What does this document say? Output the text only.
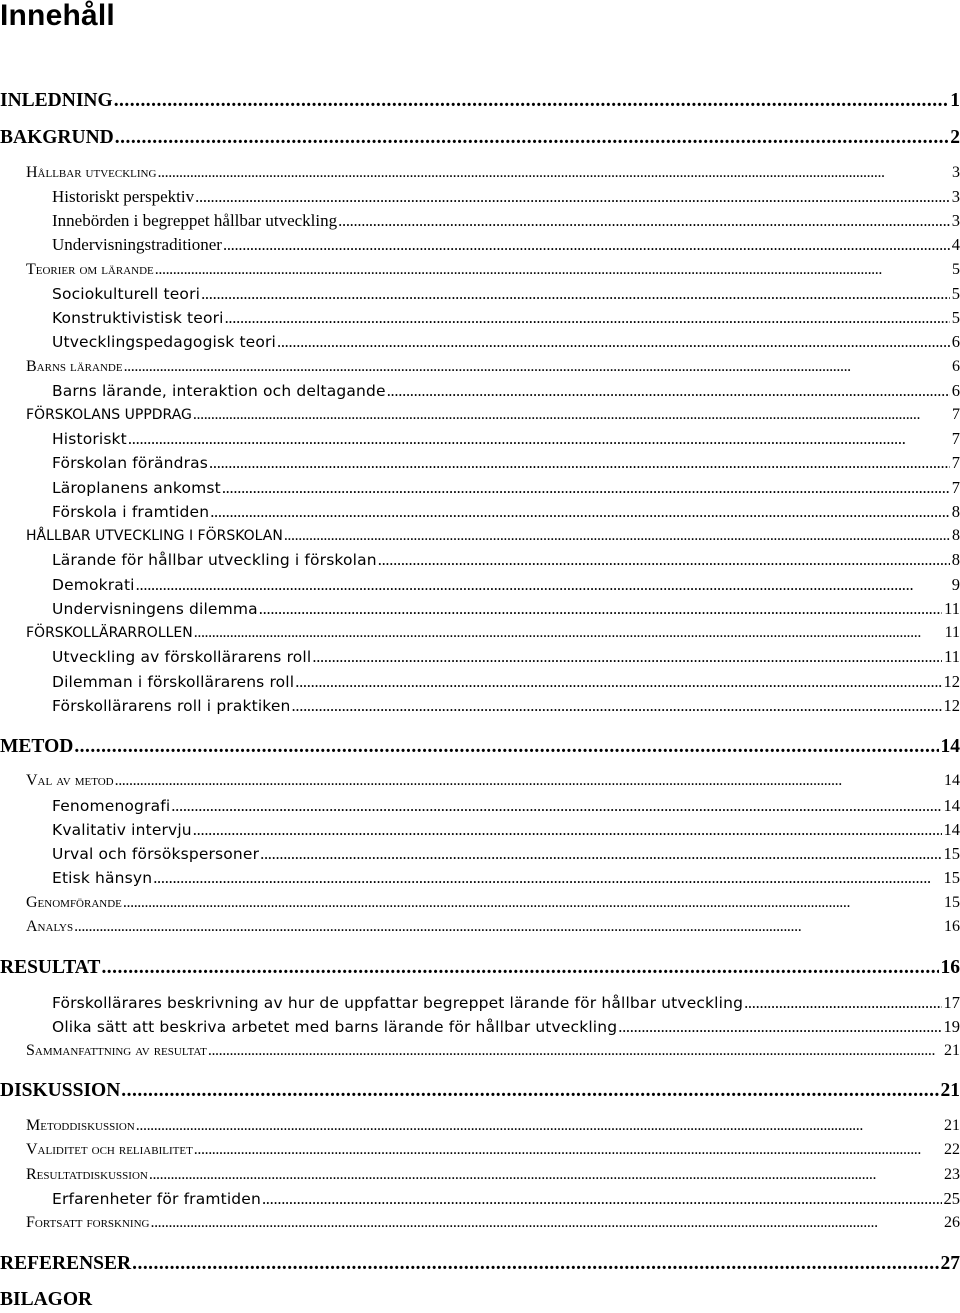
Innehåll
INLEDNING . . .	1
BAKGRUND . . .	2
Hållbar utveckling . . .	3
Historiskt perspektiv . . .	3
Innebörden i begreppet hållbar utveckling . . .	3
Undervisningstraditioner . . .	4
Teorier om lärande . . .	5
Sociokulturell teori . . .	5
Konstruktivistisk teori . . .	5
Utvecklingspedagogisk teori . . .	6
Barns lärande . . .	6
Barns lärande, interaktion och deltagande . . .	6
FÖRSKOLANS UPPDRAG . . .	7
Historiskt . . .	7
Förskolan förändras . . .	7
Läroplanens ankomst . . .	7
Förskola i framtiden . . .	8
HÅLLBAR UTVECKLING I FÖRSKOLAN . . .	8
Lärande för hållbar utveckling i förskolan . . .	8
Demokrati . . .	9
Undervisningens dilemma . . .	11
FÖRSKOLLÄRARROLLEN . . .	11
Utveckling av förskollärarens roll . . .	11
Dilemman i förskollärarens roll . . .	12
Förskollärarens roll i praktiken . . .	12
METOD . . .	14
Val av metod . . .	14
Fenomenografi . . .	14
Kvalitativ intervju . . .	14
Urval och försökspersoner . . .	15
Etisk hänsyn . . .	15
Genomförande . . .	15
Analys . . .	16
RESULTAT . . .	16
Förskollärares beskrivning av hur de uppfattar begreppet lärande för hållbar utveckling . . .	17
Olika sätt att beskriva arbetet med barns lärande för hållbar utveckling . . .	19
Sammanfattning av resultat . . .	21
DISKUSSION . . .	21
Metoddiskussion . . .	21
Validitet och reliabilitet . . .	22
Resultatdiskussion . . .	23
Erfarenheter för framtiden . . .	25
Fortsatt forskning . . .	26
REFERENSER . . .	27
BILAGOR
